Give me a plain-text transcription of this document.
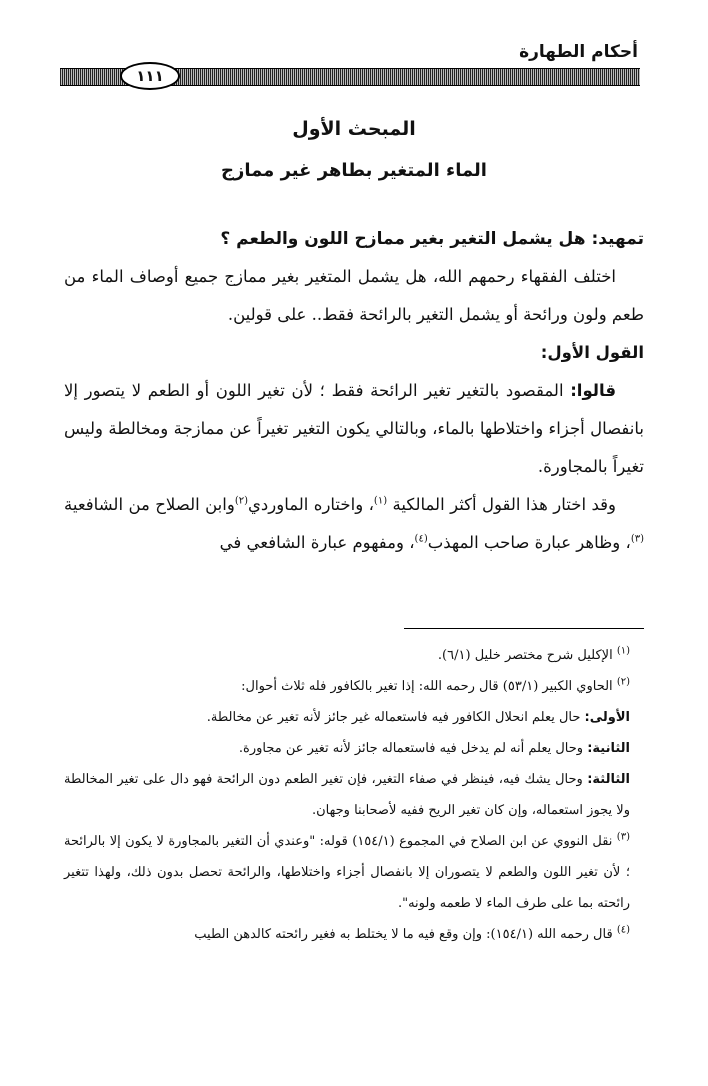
أحكام الطهارة

١١١

المبحث الأول
الماء المتغير بطاهر غير ممازج

تمهيد: هل يشمل التغير بغير ممازح اللون والطعم ؟

اختلف الفقهاء رحمهم الله، هل يشمل المتغير بغير ممازج جميع أوصاف الماء من طعم ولون ورائحة أو يشمل التغير بالرائحة فقط.. على قولين.

القول الأول:

قالوا: المقصود بالتغير تغير الرائحة فقط ؛ لأن تغير اللون أو الطعم لا يتصور إلا بانفصال أجزاء واختلاطها بالماء، وبالتالي يكون التغير تغيراً عن ممازجة ومخالطة وليس تغيراً بالمجاورة.

وقد اختار هذا القول أكثر المالكية $^{(١)}$، واختاره الماوردي$^{(٢)}$وابن الصلاح من الشافعية $^{(٣)}$، وظاهر عبارة صاحب المهذب$^{(٤)}$، ومفهوم عبارة الشافعي في

$^{(١)}$ الإكليل شرح مختصر خليل (٦/١).

$^{(٢)}$ الحاوي الكبير (٥٣/١) قال رحمه الله: إذا تغير بالكافور فله ثلاث أحوال:

الأولى: حال يعلم انحلال الكافور فيه فاستعماله غير جائز لأنه تغير عن مخالطة.

الثانية: وحال يعلم أنه لم يدخل فيه فاستعماله جائز لأنه تغير عن مجاورة.

الثالثة: وحال يشك فيه، فينظر في صفاء التغير، فإن تغير الطعم دون الرائحة فهو دال على تغير المخالطة ولا يجوز استعماله، وإن كان تغير الريح ففيه لأصحابنا وجهان.

$^{(٣)}$ نقل النووي عن ابن الصلاح في المجموع (١٥٤/١) قوله: "وعندي أن التغير بالمجاورة لا يكون إلا بالرائحة ؛ لأن تغير اللون والطعم لا يتصوران إلا بانفصال أجزاء واختلاطها، والرائحة تحصل بدون ذلك، ولهذا تتغير رائحته بما على طرف الماء لا طعمه ولونه".

$^{(٤)}$ قال رحمه الله (١٥٤/١): وإن وقع فيه ما لا يختلط به فغير رائحته كالدهن الطيب
